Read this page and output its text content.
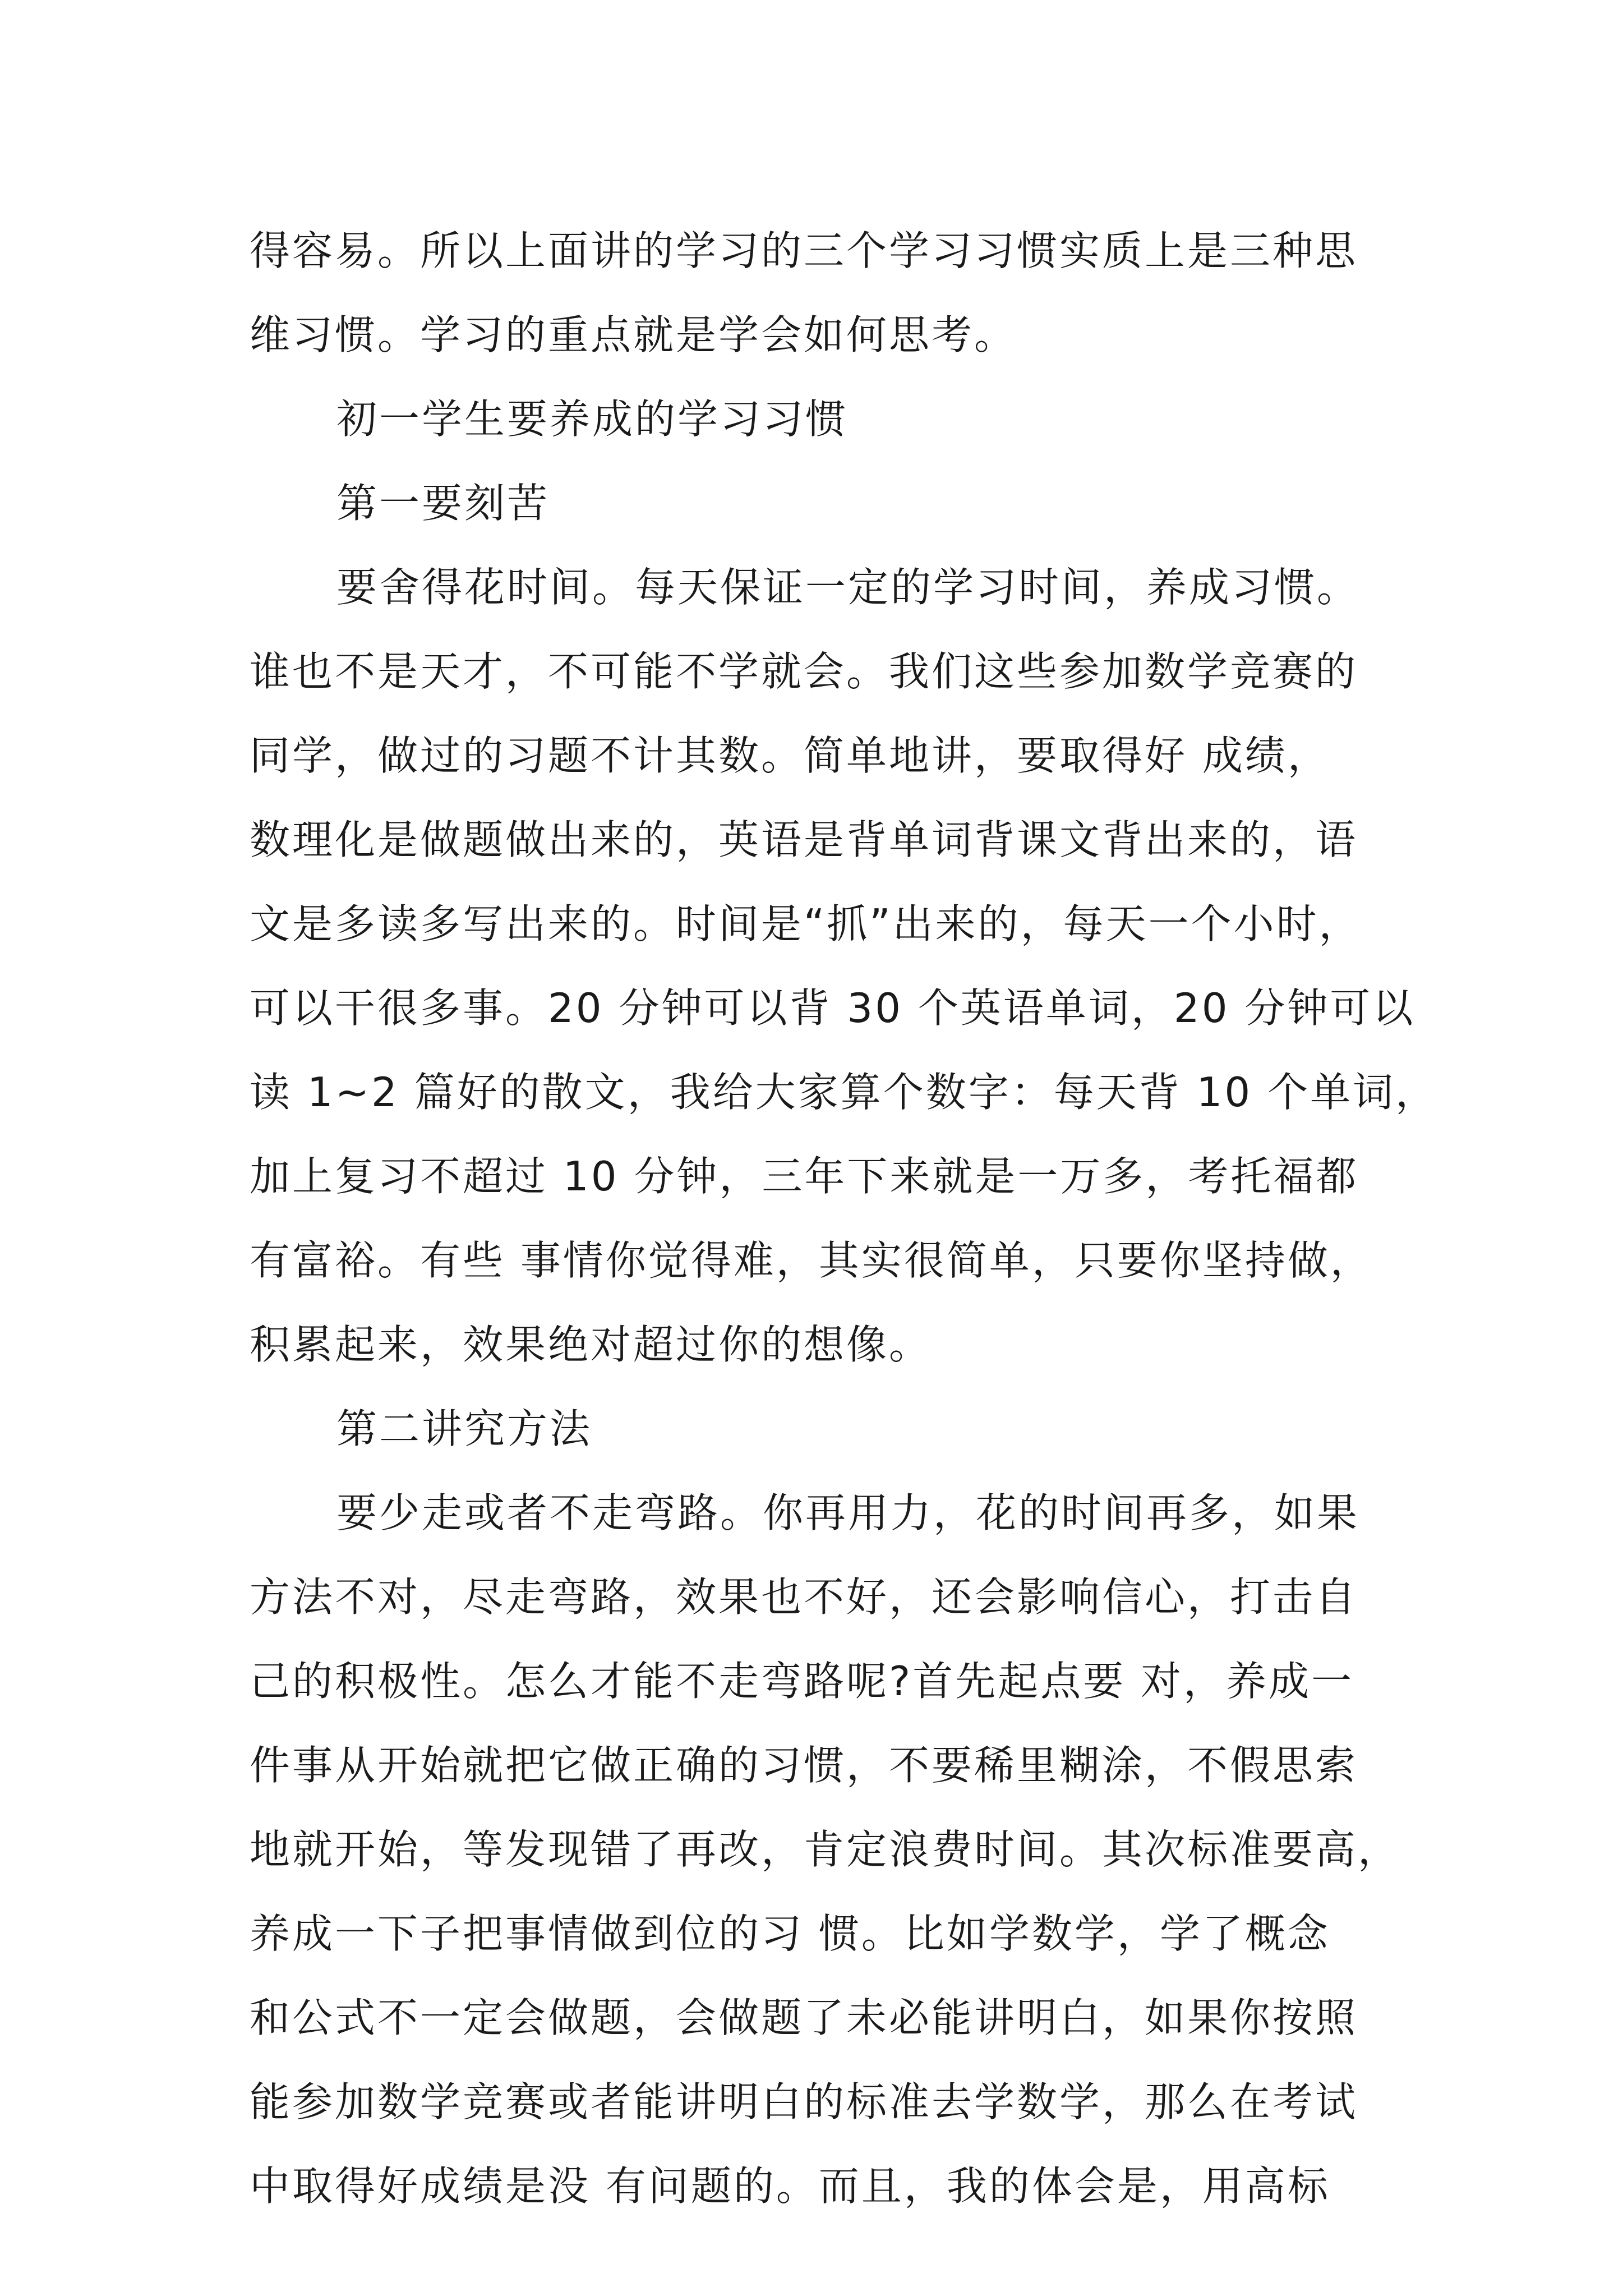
得容易。所以上面讲的学习的三个学习习惯实质上是三种思
维习惯。学习的重点就是学会如何思考。
初一学生要养成的学习习惯
第一要刻苦
要舍得花时间。每天保证一定的学习时间，养成习惯。
谁也不是天才，不可能不学就会。我们这些参加数学竞赛的
同学，做过的习题不计其数。简单地讲，要取得好 成绩，
数理化是做题做出来的，英语是背单词背课文背出来的，语
文是多读多写出来的。时间是“抓”出来的，每天一个小时，
可以干很多事。20 分钟可以背 30 个英语单词，20 分钟可以
读 1~2 篇好的散文，我给大家算个数字：每天背 10 个单词，
加上复习不超过 10 分钟，三年下来就是一万多，考托福都
有富裕。有些 事情你觉得难，其实很简单，只要你坚持做，
积累起来，效果绝对超过你的想像。
第二讲究方法
要少走或者不走弯路。你再用力，花的时间再多，如果
方法不对，尽走弯路，效果也不好，还会影响信心，打击自
己的积极性。怎么才能不走弯路呢?首先起点要 对，养成一
件事从开始就把它做正确的习惯，不要稀里糊涂，不假思索
地就开始，等发现错了再改，肯定浪费时间。其次标准要高，
养成一下子把事情做到位的习 惯。比如学数学，学了概念
和公式不一定会做题，会做题了未必能讲明白，如果你按照
能参加数学竞赛或者能讲明白的标准去学数学，那么在考试
中取得好成绩是没 有问题的。而且，我的体会是，用高标
